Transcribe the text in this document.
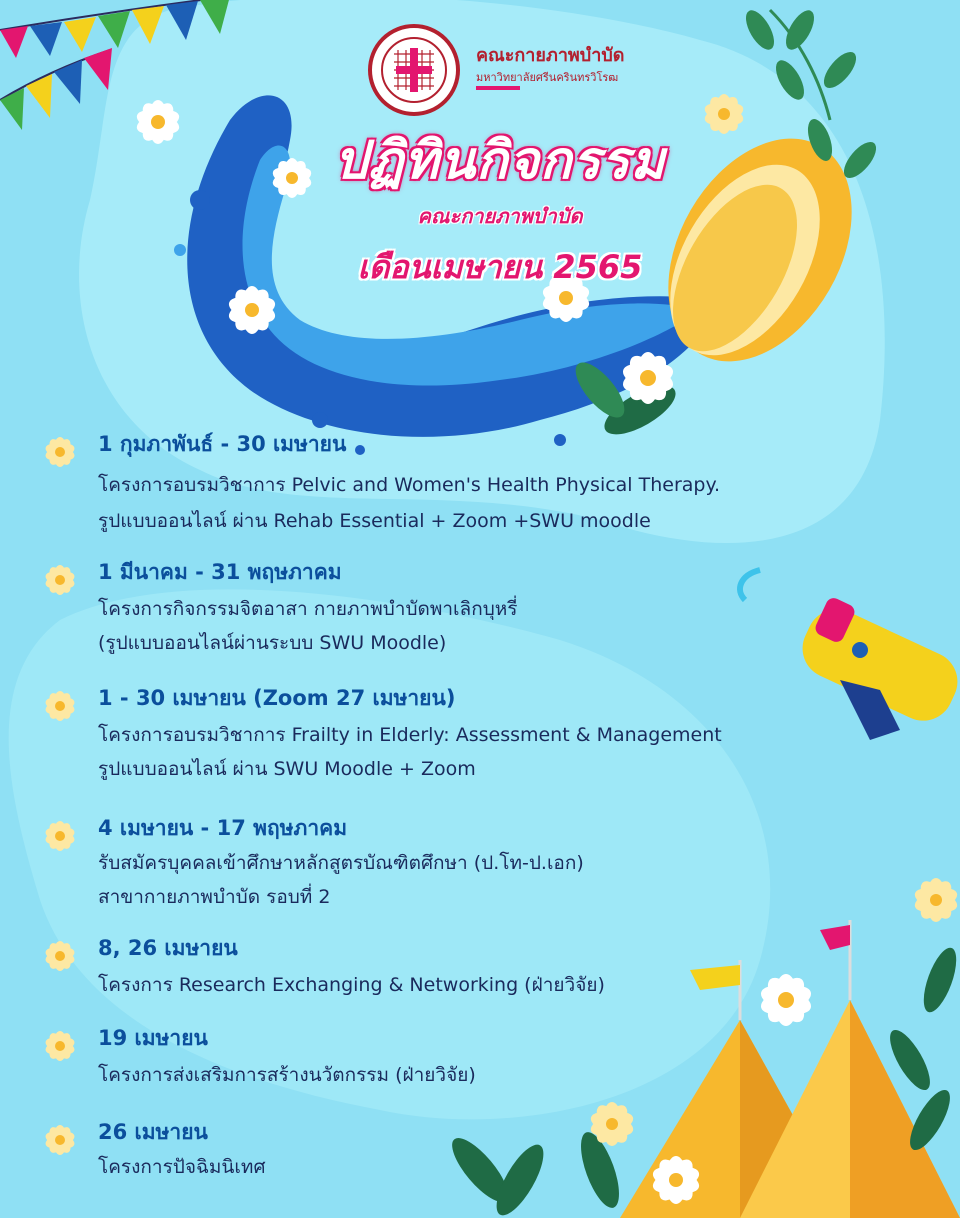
คณะกายภาพบำบัด
มหาวิทยาลัยศรีนครินทรวิโรฒ
ปฏิทินกิจกรรม
คณะกายภาพบำบัด
เดือนเมษายน 2565
1 กุมภาพันธ์ - 30 เมษายน
โครงการอบรมวิชาการ Pelvic and Women's Health Physical Therapy.
รูปแบบออนไลน์ ผ่าน Rehab Essential + Zoom +SWU moodle
1 มีนาคม - 31 พฤษภาคม
โครงการกิจกรรมจิตอาสา กายภาพบำบัดพาเลิกบุหรี่
(รูปแบบออนไลน์ผ่านระบบ SWU Moodle)
1 - 30 เมษายน (Zoom 27 เมษายน)
โครงการอบรมวิชาการ Frailty in Elderly: Assessment & Management
รูปแบบออนไลน์ ผ่าน SWU Moodle + Zoom
4 เมษายน - 17 พฤษภาคม
รับสมัครบุคคลเข้าศึกษาหลักสูตรบัณฑิตศึกษา (ป.โท-ป.เอก)
สาขากายภาพบำบัด รอบที่ 2
8, 26 เมษายน
โครงการ Research Exchanging & Networking (ฝ่ายวิจัย)
19 เมษายน
โครงการส่งเสริมการสร้างนวัตกรรม (ฝ่ายวิจัย)
26 เมษายน
โครงการปัจฉิมนิเทศ
